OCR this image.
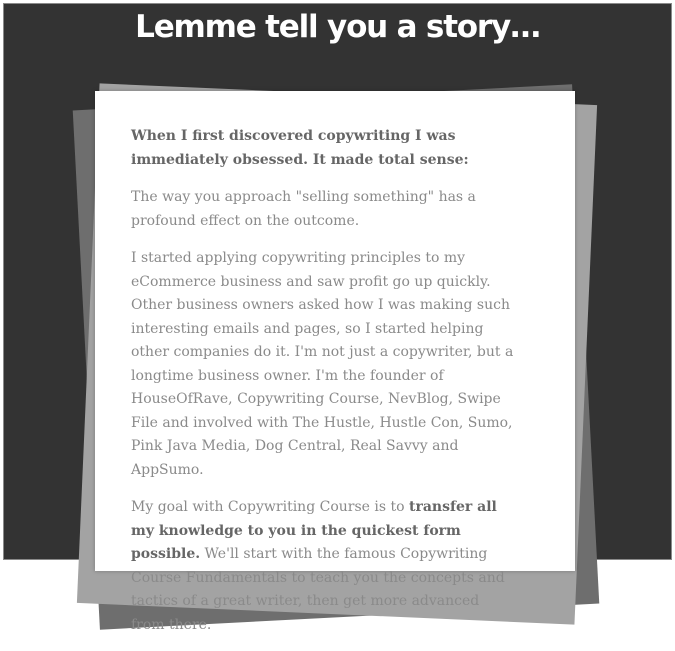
Lemme tell you a story…

When I first discovered copywriting I was immediately obsessed. It made total sense:

The way you approach "selling something" has a profound effect on the outcome.

I started applying copywriting principles to my eCommerce business and saw profit go up quickly. Other business owners asked how I was making such interesting emails and pages, so I started helping other companies do it. I'm not just a copywriter, but a longtime business owner. I'm the founder of HouseOfRave, Copywriting Course, NevBlog, Swipe File and involved with The Hustle, Hustle Con, Sumo, Pink Java Media, Dog Central, Real Savvy and AppSumo.

My goal with Copywriting Course is to transfer all my knowledge to you in the quickest form possible. We'll start with the famous Copywriting Course Fundamentals to teach you the concepts and tactics of a great writer, then get more advanced from there.
